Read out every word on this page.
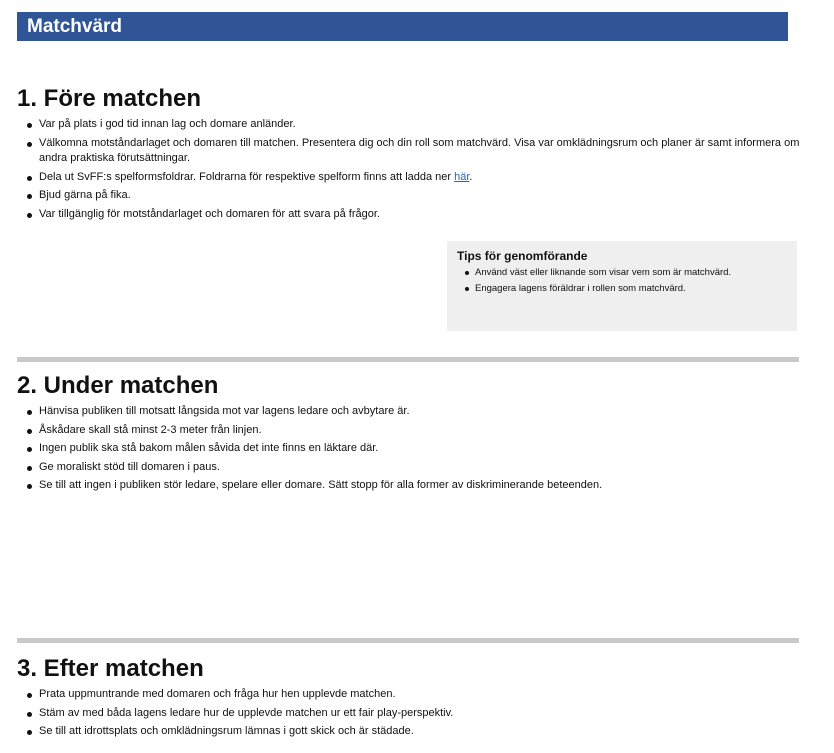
Matchvärd
1. Före matchen
Var på plats i god tid innan lag och domare anländer.
Välkomna motståndarlaget och domaren till matchen. Presentera dig och din roll som matchvärd. Visa var omklädningsrum och planer är samt informera om andra praktiska förutsättningar.
Dela ut SvFF:s spelformsfoldrar. Foldrarna för respektive spelform finns att ladda ner här.
Bjud gärna på fika.
Var tillgänglig för motståndarlaget och domaren för att svara på frågor.
Tips för genomförande
Använd väst eller liknande som visar vem som är matchvärd.
Engagera lagens föräldrar i rollen som matchvärd.
2. Under matchen
Hänvisa publiken till motsatt långsida mot var lagens ledare och avbytare är.
Åskådare skall stå minst 2-3 meter från linjen.
Ingen publik ska stå bakom målen såvida det inte finns en läktare där.
Ge moraliskt stöd till domaren i paus.
Se till att ingen i publiken stör ledare, spelare eller domare. Sätt stopp för alla former av diskriminerande beteenden.
3. Efter matchen
Prata uppmuntrande med domaren och fråga hur hen upplevde matchen.
Stäm av med båda lagens ledare hur de upplevde matchen ur ett fair play-perspektiv.
Se till att idrottsplats och omklädningsrum lämnas i gott skick och är städade.
